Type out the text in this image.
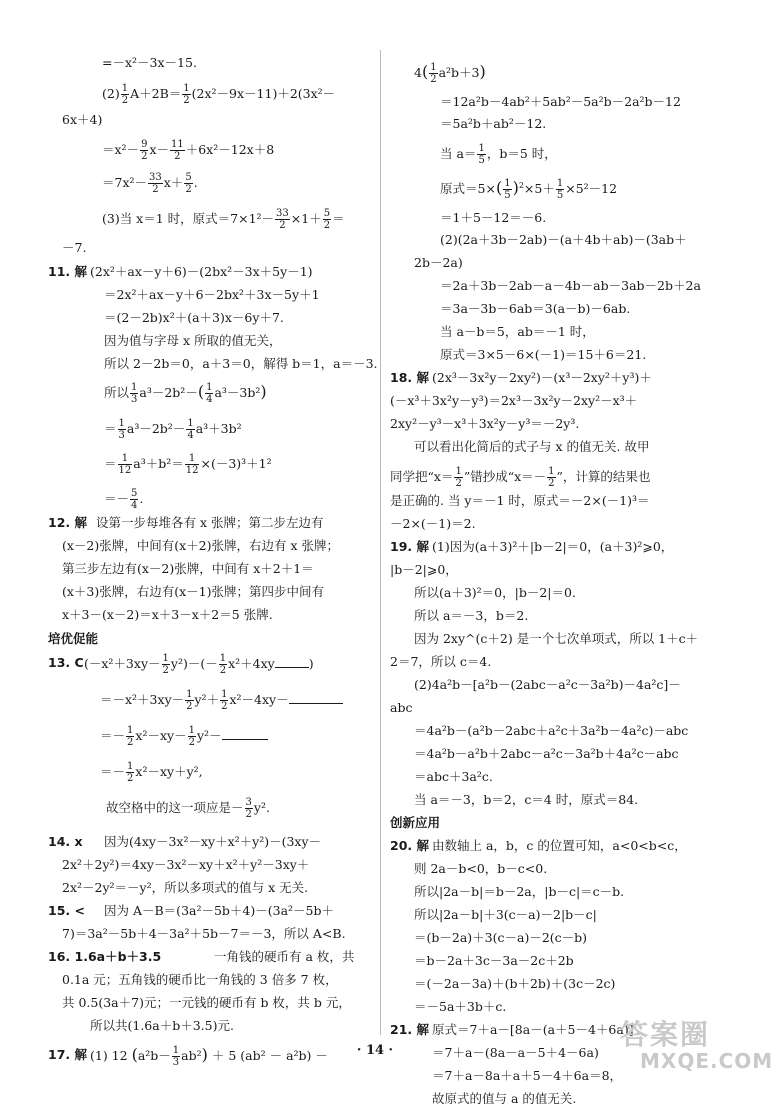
=－x²－3x－15.
$(2) \frac{1}{2} A+2B= \frac{1}{2} (2x^2-9x-11)+2(3x^2-$
6x＋4)
$=x^2- \frac{9}{2} x- \frac{11}{2} +6x^2-12x+8$
$=7x^2- \frac{33}{2} x+ \frac{5}{2}$ .
(3)当 x＝1 时，原式$=7\times 1^2- \frac{33}{2} \times 1+ \frac{5}{2}$ ＝
－7.
11. 解 (2x²＋ax－y＋6)－(2bx²－3x＋5y－1)
＝2x²＋ax－y＋6－2bx²＋3x－5y＋1
＝(2－2b)x²＋(a＋3)x－6y＋7.
因为值与字母 x 所取的值无关，
所以 2－2b＝0，a＋3＝0，解得 b＝1，a＝－3.
所以 $\frac{1}{3} a^3-2b^2-( \frac{1}{4} a^3-3b^2)$
＝ $\frac{1}{3} a^3-2b^2- \frac{1}{4} a^3+3b^2$
＝ $\frac{1}{12} a^3+b^2= \frac{1}{12} \times(-3)^3+1^2$
＝－ $\frac{5}{4}$ .
12. 解 设第一步每堆各有 x 张牌；第二步左边有
(x－2)张牌，中间有(x＋2)张牌，右边有 x 张牌；
第三步左边有(x－2)张牌，中间有 x＋2＋1＝
(x＋3)张牌，右边有(x－1)张牌；第四步中间有
x＋3－(x－2)＝x＋3－x＋2＝5 张牌.
培优促能
13. C $(-x^2+3xy- \frac{1}{2} y^2)-(- \frac{1}{2} x^2+4xy$	)
$=-x^2+3xy- \frac{1}{2} y^2+ \frac{1}{2} x^2-4xy-$
＝－ $\frac{1}{2} x^2-xy- \frac{1}{2} y^2-$
＝－ $\frac{1}{2} x^2-xy+y^2$,
故空格中的这一项应是－ $\frac{3}{2} y^2$.
14. x 因为(4xy－3x²－xy＋x²＋y²)－(3xy－
2x²＋2y²)＝4xy－3x²－xy＋x²＋y²－3xy＋
2x²－2y²＝－y²，所以多项式的值与 x 无关.
15. < 因为 A－B＝(3a²－5b＋4)－(3a²－5b＋
7)＝3a²－5b＋4－3a²＋5b－7＝－3，所以 A<B.
16. 1.6a＋b＋3.5	一角钱的硬币有 a 枚，共
0.1a 元；五角钱的硬币比一角钱的 3 倍多 7 枚，
共 0.5(3a＋7)元；一元钱的硬币有 b 枚，共 b 元，
所以共(1.6a＋b＋3.5)元.
17. 解 (1) 12 $(a^2b- \frac{1}{3} ab^2) + 5$ (ab² － a²b) －
$4( \frac{1}{2} a^2b+3)$
＝12a²b－4ab²＋5ab²－5a²b－2a²b－12
＝5a²b＋ab²－12.
当 $a= \frac{1}{5}$ ，b＝5 时，
原式$=5\times( \frac{1}{5} )^2\times 5+ \frac{1}{5} \times 5^2-12$
＝1＋5－12＝－6.
(2)(2a＋3b－2ab)－(a＋4b＋ab)－(3ab＋
2b－2a)
＝2a＋3b－2ab－a－4b－ab－3ab－2b＋2a
＝3a－3b－6ab＝3(a－b)－6ab.
当 a－b＝5，ab＝－1 时，
原式＝3×5－6×(－1)＝15＋6＝21.
18. 解 (2x³－3x²y－2xy²)－(x³－2xy²＋y³)＋
(－x³＋3x²y－y³)＝2x³－3x²y－2xy²－x³＋
2xy²－y³－x³＋3x²y－y³＝－2y³.
可以看出化简后的式子与 x 的值无关. 故甲
同学把“$x= \frac{1}{2}$ ”错抄成“$x=- \frac{1}{2}$ ”，计算的结果也
是正确的. 当 y＝－1 时，原式＝－2×(－1)³＝
－2×(－1)＝2.
19. 解 (1)因为(a＋3)²＋|b－2|＝0，(a＋3)²⩾0，
|b－2|⩾0，
所以(a＋3)²＝0，|b－2|＝0.
所以 a＝－3，b＝2.
因为 2xy^(c＋2) 是一个七次单项式，所以 1＋c＋
2＝7，所以 c＝4.
(2)4a²b－[a²b－(2abc－a²c－3a²b)－4a²c]－
abc
＝4a²b－(a²b－2abc＋a²c＋3a²b－4a²c)－abc
＝4a²b－a²b＋2abc－a²c－3a²b＋4a²c－abc
＝abc＋3a²c.
当 a＝－3，b＝2，c＝4 时，原式＝84.
创新应用
20. 解 由数轴上 a，b，c 的位置可知，a<0<b<c，
则 2a－b<0，b－c<0.
所以|2a－b|＝b－2a，|b－c|＝c－b.
所以|2a－b|＋3(c－a)－2|b－c|
＝(b－2a)＋3(c－a)－2(c－b)
＝b－2a＋3c－3a－2c＋2b
＝(－2a－3a)＋(b＋2b)＋(3c－2c)
＝－5a＋3b＋c.
21. 解 原式＝7＋a－[8a－(a＋5－4＋6a)]
＝7＋a－(8a－a－5＋4－6a)
＝7＋a－8a＋a＋5－4＋6a＝8，
故原式的值与 a 的值无关.
· 14 ·	答案圈
MXQE.COM
